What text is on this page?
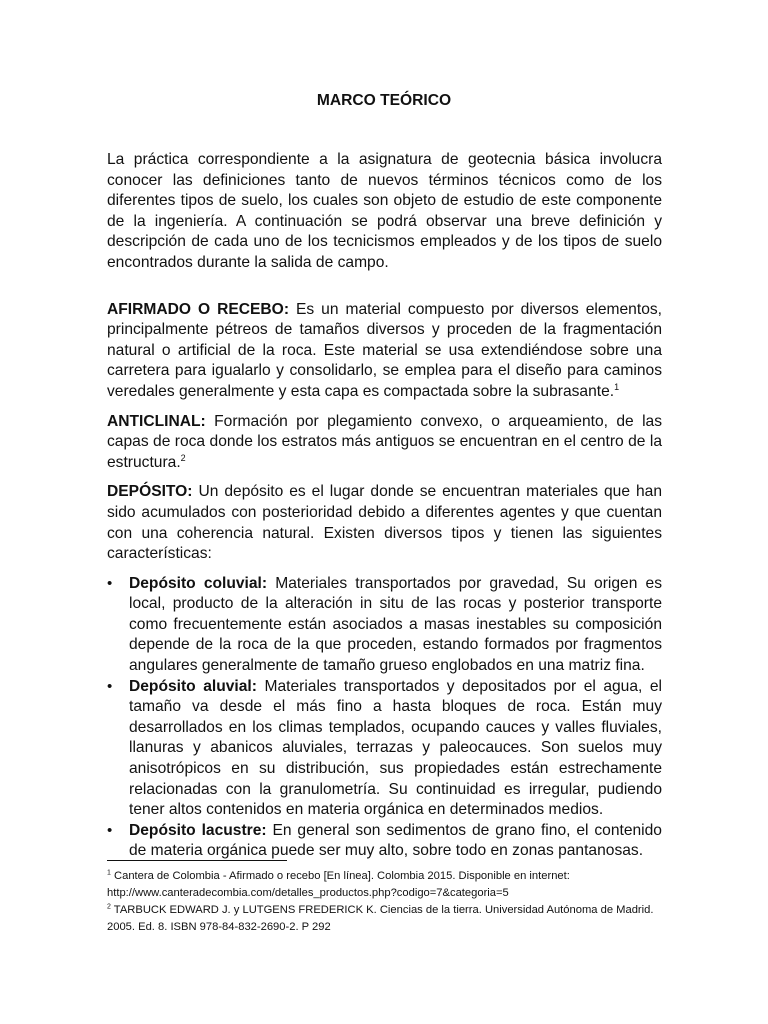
MARCO TEÓRICO

La práctica correspondiente a la asignatura de geotecnia básica involucra conocer las definiciones tanto de nuevos términos técnicos como de los diferentes tipos de suelo, los cuales son objeto de estudio de este componente de la ingeniería. A continuación se podrá observar una breve definición y descripción de cada uno de los tecnicismos empleados y de los tipos de suelo encontrados durante la salida de campo.

AFIRMADO O RECEBO: Es un material compuesto por diversos elementos, principalmente pétreos de tamaños diversos y proceden de la fragmentación natural o artificial de la roca. Este material se usa extendiéndose sobre una carretera para igualarlo y consolidarlo, se emplea para el diseño para caminos veredales generalmente y esta capa es compactada sobre la subrasante.$^1$

ANTICLINAL: Formación por plegamiento convexo, o arqueamiento, de las capas de roca donde los estratos más antiguos se encuentran en el centro de la estructura.$^2$

DEPÓSITO: Un depósito es el lugar donde se encuentran materiales que han sido acumulados con posterioridad debido a diferentes agentes y que cuentan con una coherencia natural. Existen diversos tipos y tienen las siguientes características:

• Depósito coluvial: Materiales transportados por gravedad, Su origen es local, producto de la alteración in situ de las rocas y posterior transporte como frecuentemente están asociados a masas inestables su composición depende de la roca de la que proceden, estando formados por fragmentos angulares generalmente de tamaño grueso englobados en una matriz fina.
• Depósito aluvial: Materiales transportados y depositados por el agua, el tamaño va desde el más fino a hasta bloques de roca. Están muy desarrollados en los climas templados, ocupando cauces y valles fluviales, llanuras y abanicos aluviales, terrazas y paleocauces. Son suelos muy anisotrópicos en su distribución, sus propiedades están estrechamente relacionadas con la granulometría. Su continuidad es irregular, pudiendo tener altos contenidos en materia orgánica en determinados medios.
• Depósito lacustre: En general son sedimentos de grano fino, el contenido de materia orgánica puede ser muy alto, sobre todo en zonas pantanosas.
$^1$ Cantera de Colombia - Afirmado o recebo [En línea]. Colombia 2015. Disponible en internet:
http://www.canteradecombia.com/detalles_productos.php?codigo=7&categoria=5
$^2$ TARBUCK EDWARD J. y LUTGENS FREDERICK K. Ciencias de la tierra. Universidad Autónoma de Madrid.
2005. Ed. 8. ISBN 978-84-832-2690-2. P 292
